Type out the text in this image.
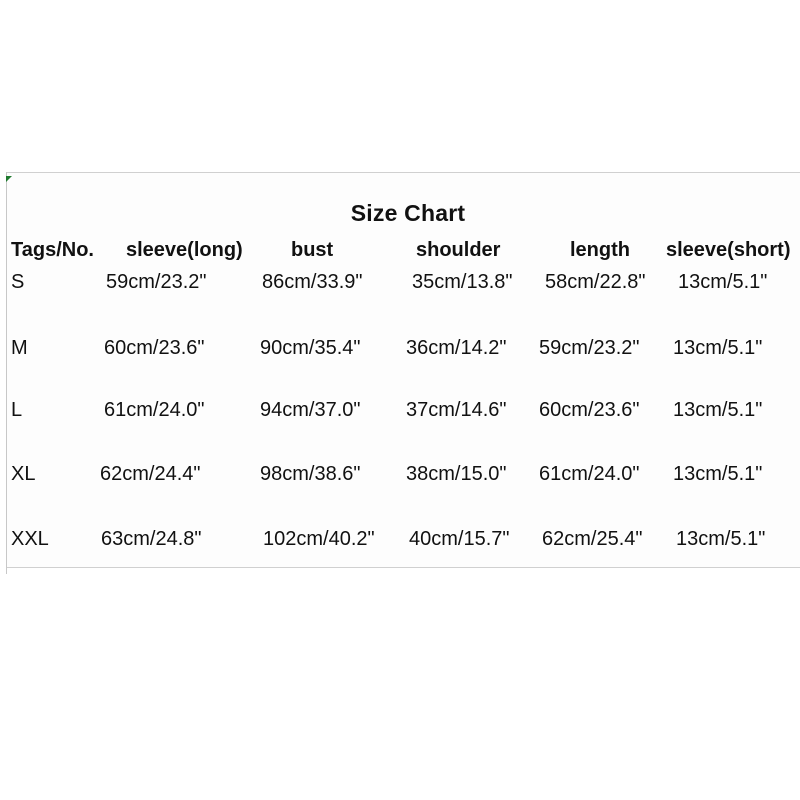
Size Chart
Tags/No. sleeve(long) bust	shoulder	length sleeve(short)
S	59cm/23.2"	86cm/33.9" 35cm/13.8" 58cm/22.8" 13cm/5.1"
M	60cm/23.6"	90cm/35.4" 36cm/14.2" 59cm/23.2" 13cm/5.1"
L	61cm/24.0"	94cm/37.0" 37cm/14.6" 60cm/23.6" 13cm/5.1"
XL	62cm/24.4"	98cm/38.6" 38cm/15.0" 61cm/24.0" 13cm/5.1"
XXL	63cm/24.8"	102cm/40.2" 40cm/15.7" 62cm/25.4" 13cm/5.1"
